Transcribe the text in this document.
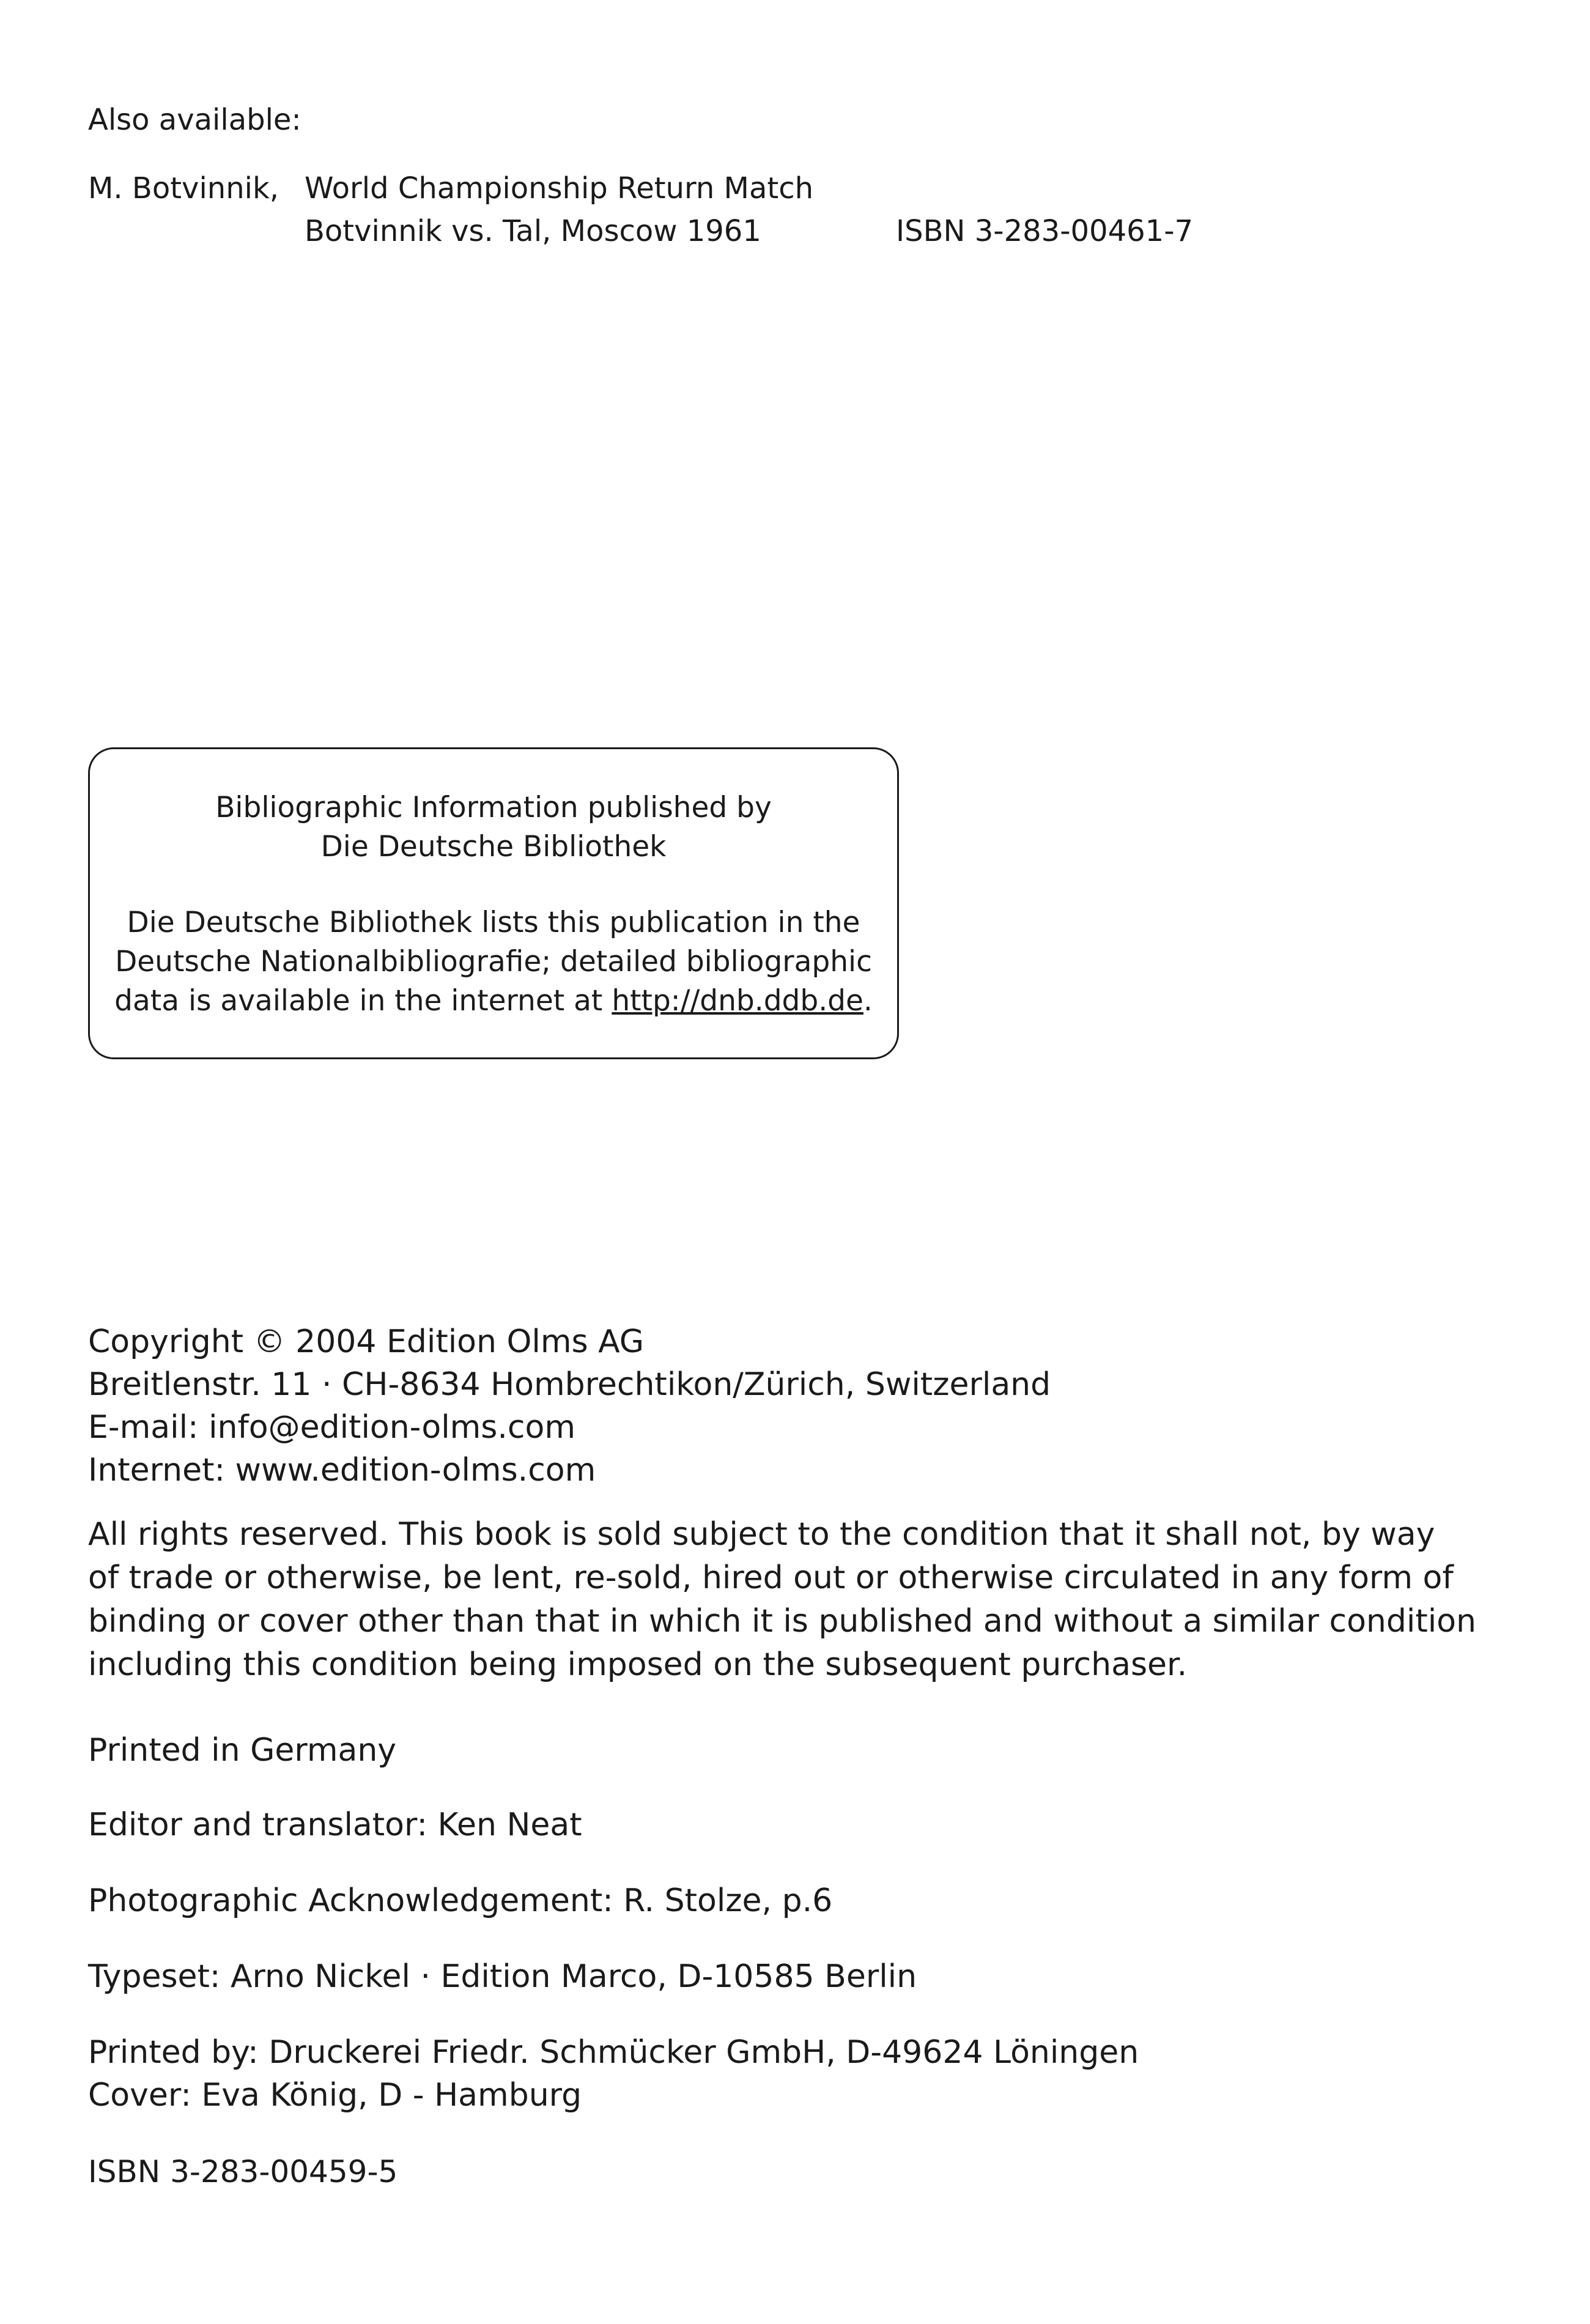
Also available:
M. Botvinnik, World Championship Return Match
Botvinnik vs. Tal, Moscow 1961	ISBN 3-283-00461-7
Bibliographic Information published by
Die Deutsche Bibliothek
Die Deutsche Bibliothek lists this publication in the
Deutsche Nationalbibliografie; detailed bibliographic
data is available in the internet at http://dnb.ddb.de.
Copyright © 2004 Edition Olms AG
Breitlenstr. 11 · CH-8634 Hombrechtikon/Zürich, Switzerland
E-mail: info@edition-olms.com
Internet: www.edition-olms.com
All rights reserved. This book is sold subject to the condition that it shall not, by way
of trade or otherwise, be lent, re-sold, hired out or otherwise circulated in any form of
binding or cover other than that in which it is published and without a similar condition
including this condition being imposed on the subsequent purchaser.
Printed in Germany
Editor and translator: Ken Neat
Photographic Acknowledgement: R. Stolze, p.6
Typeset: Arno Nickel · Edition Marco, D-10585 Berlin
Printed by: Druckerei Friedr. Schmücker GmbH, D-49624 Löningen
Cover: Eva König, D - Hamburg
ISBN 3-283-00459-5
